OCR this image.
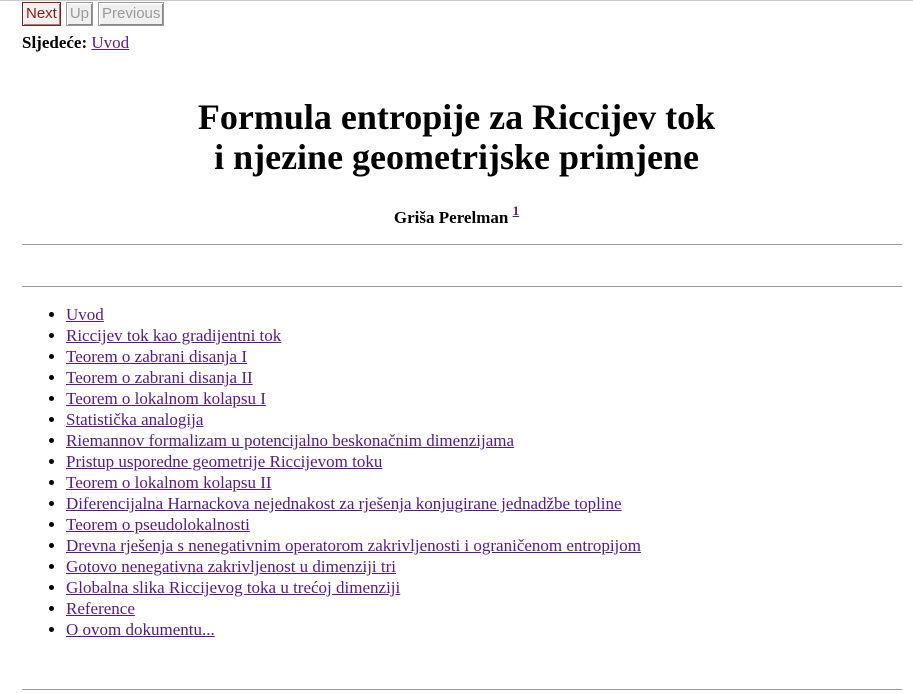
Next Up Previous
Sljedeće: Uvod
Formula entropije za Riccijev tok
i njezine geometrijske primjene
Griša Perelman $^1$
• Uvod
• Riccijev tok kao gradijentni tok
• Teorem o zabrani disanja I
• Teorem o zabrani disanja II
• Teorem o lokalnom kolapsu I
• Statistička analogija
• Riemannov formalizam u potencijalno beskonačnim dimenzijama
• Pristup usporedne geometrije Riccijevom toku
• Teorem o lokalnom kolapsu II
• Diferencijalna Harnackova nejednakost za rješenja konjugirane jednadžbe topline
• Teorem o pseudolokalnosti
• Drevna rješenja s nenegativnim operatorom zakrivljenosti i ograničenom entropijom
• Gotovo nenegativna zakrivljenost u dimenziji tri
• Globalna slika Riccijevog toka u trećoj dimenziji
• Reference
• O ovom dokumentu...
